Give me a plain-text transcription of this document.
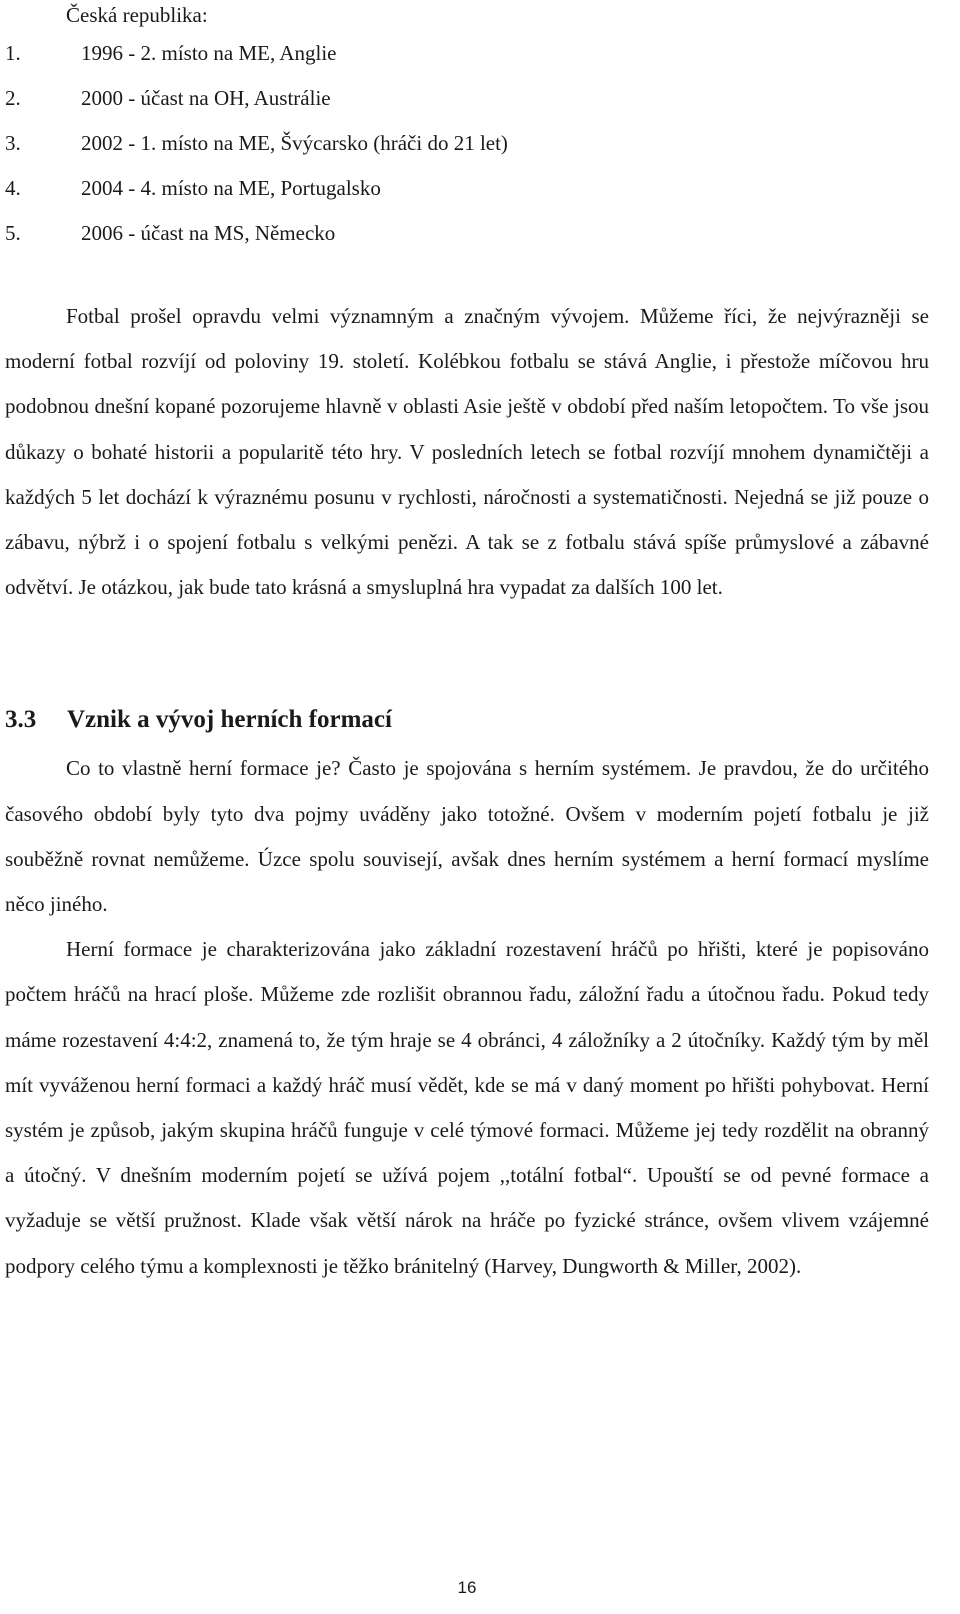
Česká republika:
1.	1996 - 2. místo na ME, Anglie
2.	2000 - účast na OH, Austrálie
3.	2002 - 1. místo na ME, Švýcarsko (hráči do 21 let)
4.	2004 - 4. místo na ME, Portugalsko
5.	2006 - účast na MS, Německo

Fotbal prošel opravdu velmi významným a značným vývojem. Můžeme říci, že nejvýrazněji se moderní fotbal rozvíjí od poloviny 19. století. Kolébkou fotbalu se stává Anglie, i přestože míčovou hru podobnou dnešní kopané pozorujeme hlavně v oblasti Asie ještě v období před naším letopočtem. To vše jsou důkazy o bohaté historii a popularitě této hry. V posledních letech se fotbal rozvíjí mnohem dynamičtěji a každých 5 let dochází k výraznému posunu v rychlosti, náročnosti a systematičnosti. Nejedná se již pouze o zábavu, nýbrž i o spojení fotbalu s velkými penězi. A tak se z fotbalu stává spíše průmyslové a zábavné odvětví. Je otázkou, jak bude tato krásná a smysluplná hra vypadat za dalších 100 let.

3.3 Vznik a vývoj herních formací

Co to vlastně herní formace je? Často je spojována s herním systémem. Je pravdou, že do určitého časového období byly tyto dva pojmy uváděny jako totožné. Ovšem v moderním pojetí fotbalu je již souběžně rovnat nemůžeme. Úzce spolu souvisejí, avšak dnes herním systémem a herní formací myslíme něco jiného.

Herní formace je charakterizována jako základní rozestavení hráčů po hřišti, které je popisováno počtem hráčů na hrací ploše. Můžeme zde rozlišit obrannou řadu, záložní řadu a útočnou řadu. Pokud tedy máme rozestavení 4:4:2, znamená to, že tým hraje se 4 obránci, 4 záložníky a 2 útočníky. Každý tým by měl mít vyváženou herní formaci a každý hráč musí vědět, kde se má v daný moment po hřišti pohybovat. Herní systém je způsob, jakým skupina hráčů funguje v celé týmové formaci. Můžeme jej tedy rozdělit na obranný a útočný. V dnešním moderním pojetí se užívá pojem ,,totální fotbal“. Upouští se od pevné formace a vyžaduje se větší pružnost. Klade však větší nárok na hráče po fyzické stránce, ovšem vlivem vzájemné podpory celého týmu a komplexnosti je těžko bránitelný (Harvey, Dungworth & Miller, 2002).

16
